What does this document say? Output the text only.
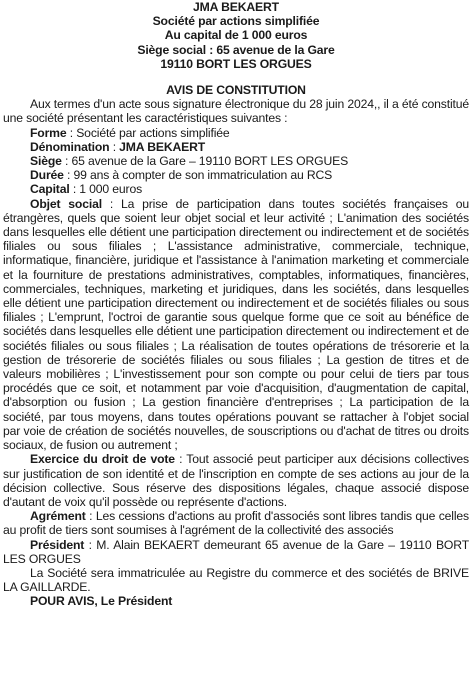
JMA BEKAERT
Société par actions simplifiée
Au capital de 1 000 euros
Siège social : 65 avenue de la Gare
19110 BORT LES ORGUES
AVIS DE CONSTITUTION

Aux termes d'un acte sous signature électronique du 28 juin 2024,, il a été constitué une société présentant les caractéristiques suivantes :

Forme : Société par actions simplifiée

Dénomination : JMA BEKAERT

Siège : 65 avenue de la Gare – 19110 BORT LES ORGUES

Durée : 99 ans à compter de son immatriculation au RCS

Capital : 1 000 euros

Objet social : La prise de participation dans toutes sociétés françaises ou étrangères, quels que soient leur objet social et leur activité ; L'animation des sociétés dans lesquelles elle détient une participation directement ou indirectement et de sociétés filiales ou sous filiales ; L'assistance administrative, commerciale, technique, informatique, financière, juridique et l'assistance à l'animation marketing et commerciale et la fourniture de prestations administratives, comptables, informatiques, financières, commerciales, techniques, marketing et juridiques, dans les sociétés, dans lesquelles elle détient une participation directement ou indirectement et de sociétés filiales ou sous filiales ; L'emprunt, l'octroi de garantie sous quelque forme que ce soit au bénéfice de sociétés dans lesquelles elle détient une participation directement ou indirectement et de sociétés filiales ou sous filiales ; La réalisation de toutes opérations de trésorerie et la gestion de trésorerie de sociétés filiales ou sous filiales ; La gestion de titres et de valeurs mobilières ; L'investissement pour son compte ou pour celui de tiers par tous procédés que ce soit, et notamment par voie d'acquisition, d'augmentation de capital, d'absorption ou fusion ; La gestion financière d'entreprises ; La participation de la société, par tous moyens, dans toutes opérations pouvant se rattacher à l'objet social par voie de création de sociétés nouvelles, de souscriptions ou d'achat de titres ou droits sociaux, de fusion ou autrement ;

Exercice du droit de vote : Tout associé peut participer aux décisions collectives sur justification de son identité et de l'inscription en compte de ses actions au jour de la décision collective. Sous réserve des dispositions légales, chaque associé dispose d'autant de voix qu'il possède ou représente d'actions.

Agrément : Les cessions d'actions au profit d'associés sont libres tandis que celles au profit de tiers sont soumises à l'agrément de la collectivité des associés

Président : M. Alain BEKAERT demeurant 65 avenue de la Gare – 19110 BORT LES ORGUES

La Société sera immatriculée au Registre du commerce et des sociétés de BRIVE LA GAILLARDE.

POUR AVIS, Le Président
